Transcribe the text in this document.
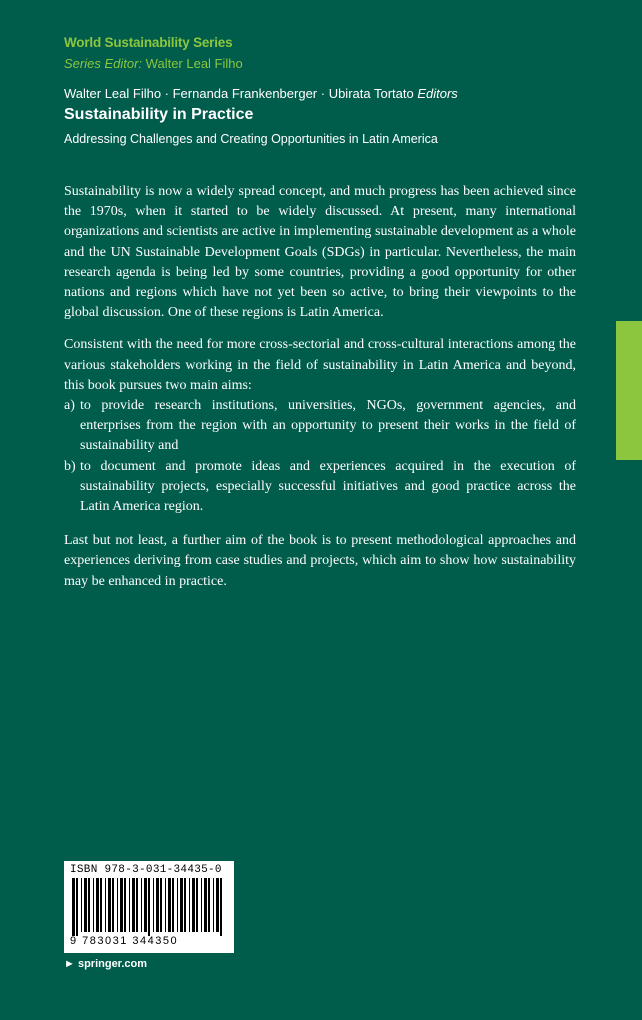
World Sustainability Series
Series Editor: Walter Leal Filho
Walter Leal Filho · Fernanda Frankenberger · Ubirata Tortato Editors
Sustainability in Practice
Addressing Challenges and Creating Opportunities in Latin America

Sustainability is now a widely spread concept, and much progress has been achieved since the 1970s, when it started to be widely discussed. At present, many international organizations and scientists are active in implementing sustainable development as a whole and the UN Sustainable Development Goals (SDGs) in particular. Nevertheless, the main research agenda is being led by some countries, providing a good opportunity for other nations and regions which have not yet been so active, to bring their viewpoints to the global discussion. One of these regions is Latin America.

Consistent with the need for more cross-sectorial and cross-cultural interactions among the various stakeholders working in the field of sustainability in Latin America and beyond, this book pursues two main aims:

a) to provide research institutions, universities, NGOs, government agencies, and enterprises from the region with an opportunity to present their works in the field of sustainability and
b) to document and promote ideas and experiences acquired in the execution of sustainability projects, especially successful initiatives and good practice across the Latin America region.

Last but not least, a further aim of the book is to present methodological approaches and experiences deriving from case studies and projects, which aim to show how sustainability may be enhanced in practice.

ISBN 978-3-031-34435-0
9 783031 344350
► springer.com
